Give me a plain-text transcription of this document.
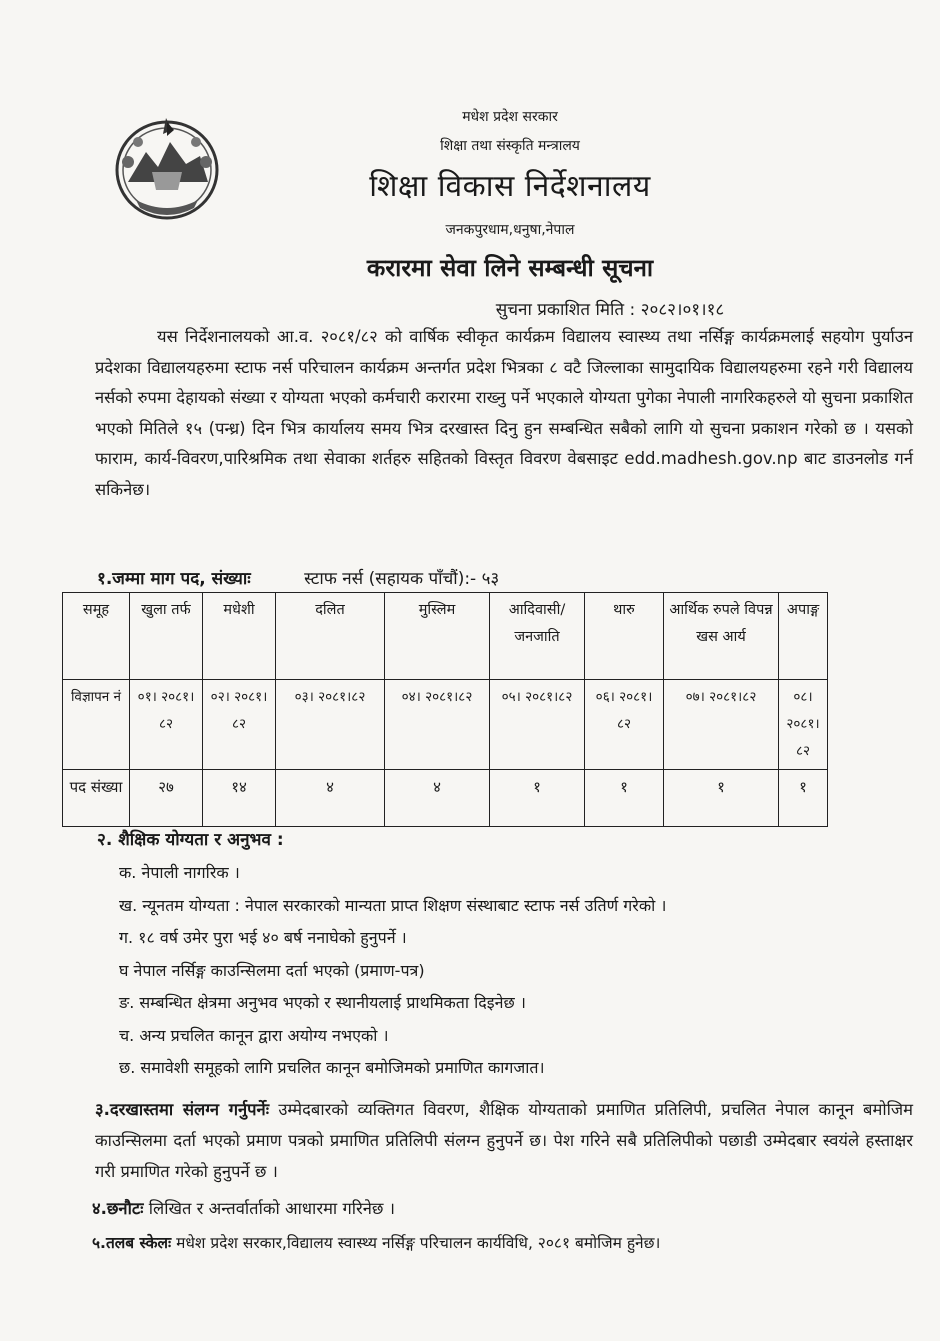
मधेश प्रदेश सरकार
शिक्षा तथा संस्कृति मन्त्रालय
शिक्षा विकास निर्देशनालय
जनकपुरधाम,धनुषा,नेपाल
करारमा सेवा लिने सम्बन्धी सूचना
सुचना प्रकाशित मिति : २०८२।०१।१८

यस निर्देशनालयको आ.व. २०८१/८२ को वार्षिक स्वीकृत कार्यक्रम विद्यालय स्वास्थ्य तथा नर्सिङ्ग कार्यक्रमलाई सहयोग पुर्याउन प्रदेशका विद्यालयहरुमा स्टाफ नर्स परिचालन कार्यक्रम अन्तर्गत प्रदेश भित्रका ८ वटै जिल्लाका सामुदायिक विद्यालयहरुमा रहने गरी विद्यालय नर्सको रुपमा देहायको संख्या र योग्यता भएको कर्मचारी करारमा राख्नु पर्ने भएकाले योग्यता पुगेका नेपाली नागरिकहरुले यो सुचना प्रकाशित भएको मितिले १५ (पन्ध्र) दिन भित्र कार्यालय समय भित्र दरखास्त दिनु हुन सम्बन्धित सबैको लागि यो सुचना प्रकाशन गरेको छ । यसको फाराम, कार्य-विवरण,पारिश्रमिक तथा सेवाका शर्तहरु सहितको विस्तृत विवरण वेबसाइट edd.madhesh.gov.np बाट डाउनलोड गर्न सकिनेछ।

१.जम्मा माग पद, संख्याः	स्टाफ नर्स (सहायक पाँचौं):- ५३
समूह	खुला तर्फ	मधेशी	दलित	मुस्लिम	आदिवासी/ जनजाति	थारु	आर्थिक रुपले विपन्न खस आर्य	अपाङ्ग
विज्ञापन नं	०१। २०८१। ८२	०२। २०८१। ८२	०३। २०८१।८२	०४। २०८१।८२	०५। २०८१।८२	०६। २०८१। ८२	०७। २०८१।८२	०८। २०८१। ८२
पद संख्या	२७	१४	४	४	१	१	१	१
२. शैक्षिक योग्यता र अनुभव :
क. नेपाली नागरिक ।
ख. न्यूनतम योग्यता : नेपाल सरकारको मान्यता प्राप्त शिक्षण संस्थाबाट स्टाफ नर्स उतिर्ण गरेको ।
ग. १८ वर्ष उमेर पुरा भई ४० बर्ष ननाघेको हुनुपर्ने ।
घ नेपाल नर्सिङ्ग काउन्सिलमा दर्ता भएको (प्रमाण-पत्र)
ङ. सम्बन्धित क्षेत्रमा अनुभव भएको र स्थानीयलाई प्राथमिकता दिइनेछ ।
च. अन्य प्रचलित कानून द्वारा अयोग्य नभएको ।
छ. समावेशी समूहको लागि प्रचलित कानून बमोजिमको प्रमाणित कागजात।

३.दरखास्तमा संलग्न गर्नुपर्नेः उम्मेदबारको व्यक्तिगत विवरण, शैक्षिक योग्यताको प्रमाणित प्रतिलिपी, प्रचलित नेपाल कानून बमोजिम काउन्सिलमा दर्ता भएको प्रमाण पत्रको प्रमाणित प्रतिलिपी संलग्न हुनुपर्ने छ। पेश गरिने सबै प्रतिलिपीको पछाडी उम्मेदबार स्वयंले हस्ताक्षर गरी प्रमाणित गरेको हुनुपर्ने छ ।

४.छनौटः लिखित र अन्तर्वार्ताको आधारमा गरिनेछ ।
५.तलब स्केलः मधेश प्रदेश सरकार,विद्यालय स्वास्थ्य नर्सिङ्ग परिचालन कार्यविधि, २०८१ बमोजिम हुनेछ।
